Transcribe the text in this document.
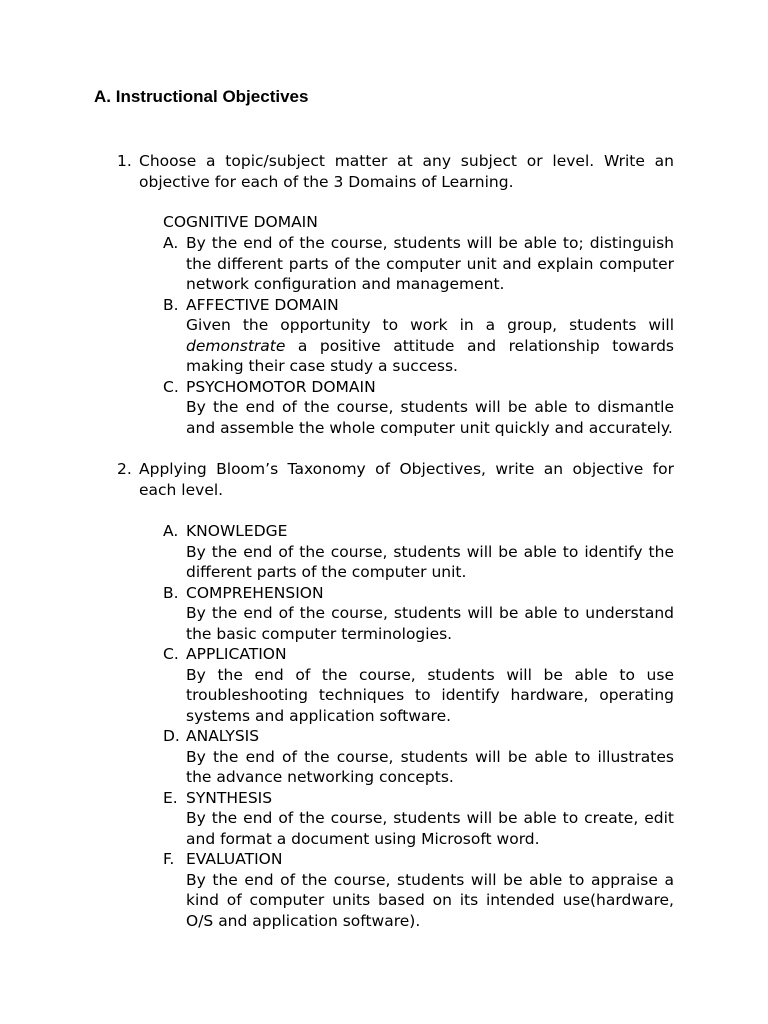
A. Instructional Objectives
1. Choose a topic/subject matter at any subject or level. Write an objective for each of the 3 Domains of Learning.

COGNITIVE DOMAIN

A. By the end of the course, students will be able to; distinguish the different parts of the computer unit and explain computer network configuration and management.
B. AFFECTIVE DOMAIN
Given the opportunity to work in a group, students will demonstrate a positive attitude and relationship towards making their case study a success.
C. PSYCHOMOTOR DOMAIN
By the end of the course, students will be able to dismantle and assemble the whole computer unit quickly and accurately.
2. Applying Bloom’s Taxonomy of Objectives, write an objective for each level.

A. KNOWLEDGE
By the end of the course, students will be able to identify the different parts of the computer unit.
B. COMPREHENSION
By the end of the course, students will be able to understand the basic computer terminologies.
C. APPLICATION
By the end of the course, students will be able to use troubleshooting techniques to identify hardware, operating systems and application software.
D. ANALYSIS
By the end of the course, students will be able to illustrates the advance networking concepts.
E. SYNTHESIS
By the end of the course, students will be able to create, edit and format a document using Microsoft word.
F. EVALUATION
By the end of the course, students will be able to appraise a kind of computer units based on its intended use(hardware, O/S and application software).
